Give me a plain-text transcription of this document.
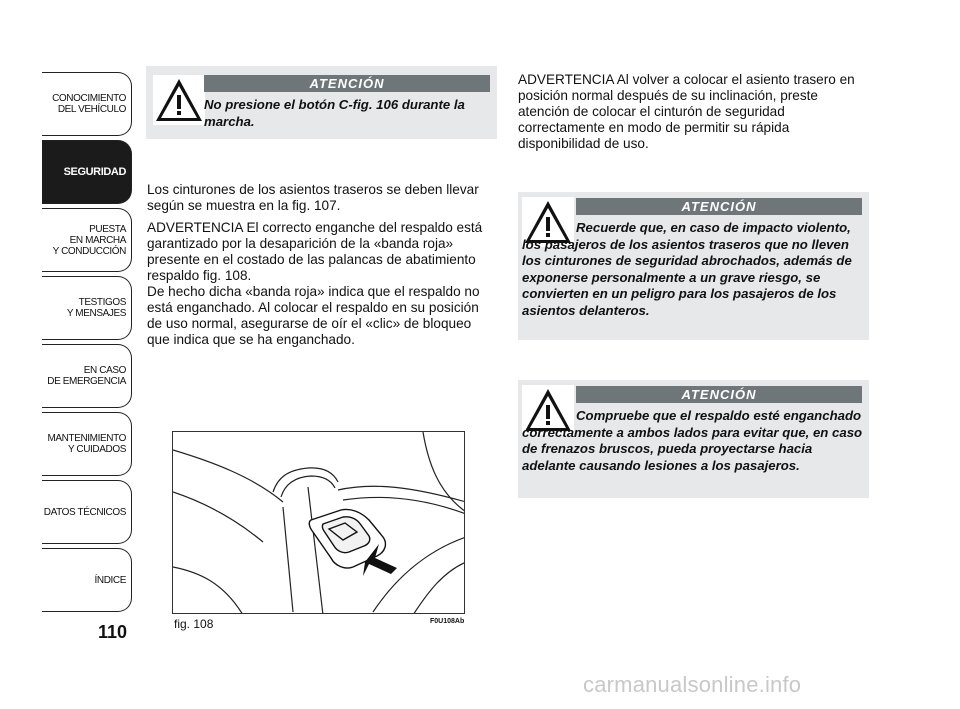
CONOCIMIENTO
DEL VEHÍCULO
SEGURIDAD
PUESTA
EN MARCHA
Y CONDUCCIÓN
TESTIGOS
Y MENSAJES
EN CASO
DE EMERGENCIA
MANTENIMIENTO
Y CUIDADOS
DATOS TÉCNICOS
ÍNDICE
110
ATENCIÓN
No presione el botón C-fig. 106 durante la marcha.

Los cinturones de los asientos traseros se deben llevar según se muestra en la fig. 107.

ADVERTENCIA El correcto enganche del respaldo está garantizado por la desaparición de la «banda roja» presente en el costado de las palancas de abatimiento respaldo fig. 108.

De hecho dicha «banda roja» indica que el respaldo no está enganchado. Al colocar el respaldo en su posición de uso normal, asegurarse de oír el «clic» de bloqueo que indica que se ha enganchado.

ADVERTENCIA Al volver a colocar el asiento trasero en posición normal después de su inclinación, preste atención de colocar el cinturón de seguridad correctamente en modo de permitir su rápida disponibilidad de uso.
ATENCIÓN
Recuerde que, en caso de impacto violento, los pasajeros de los asientos traseros que no lleven los cinturones de seguridad abrochados, además de exponerse personalmente a un grave riesgo, se convierten en un peligro para los pasajeros de los asientos delanteros.
ATENCIÓN
Compruebe que el respaldo esté enganchado correctamente a ambos lados para evitar que, en caso de frenazos bruscos, pueda proyectarse hacia adelante causando lesiones a los pasajeros.
fig. 108	F0U108Ab
carmanualsonline.info
